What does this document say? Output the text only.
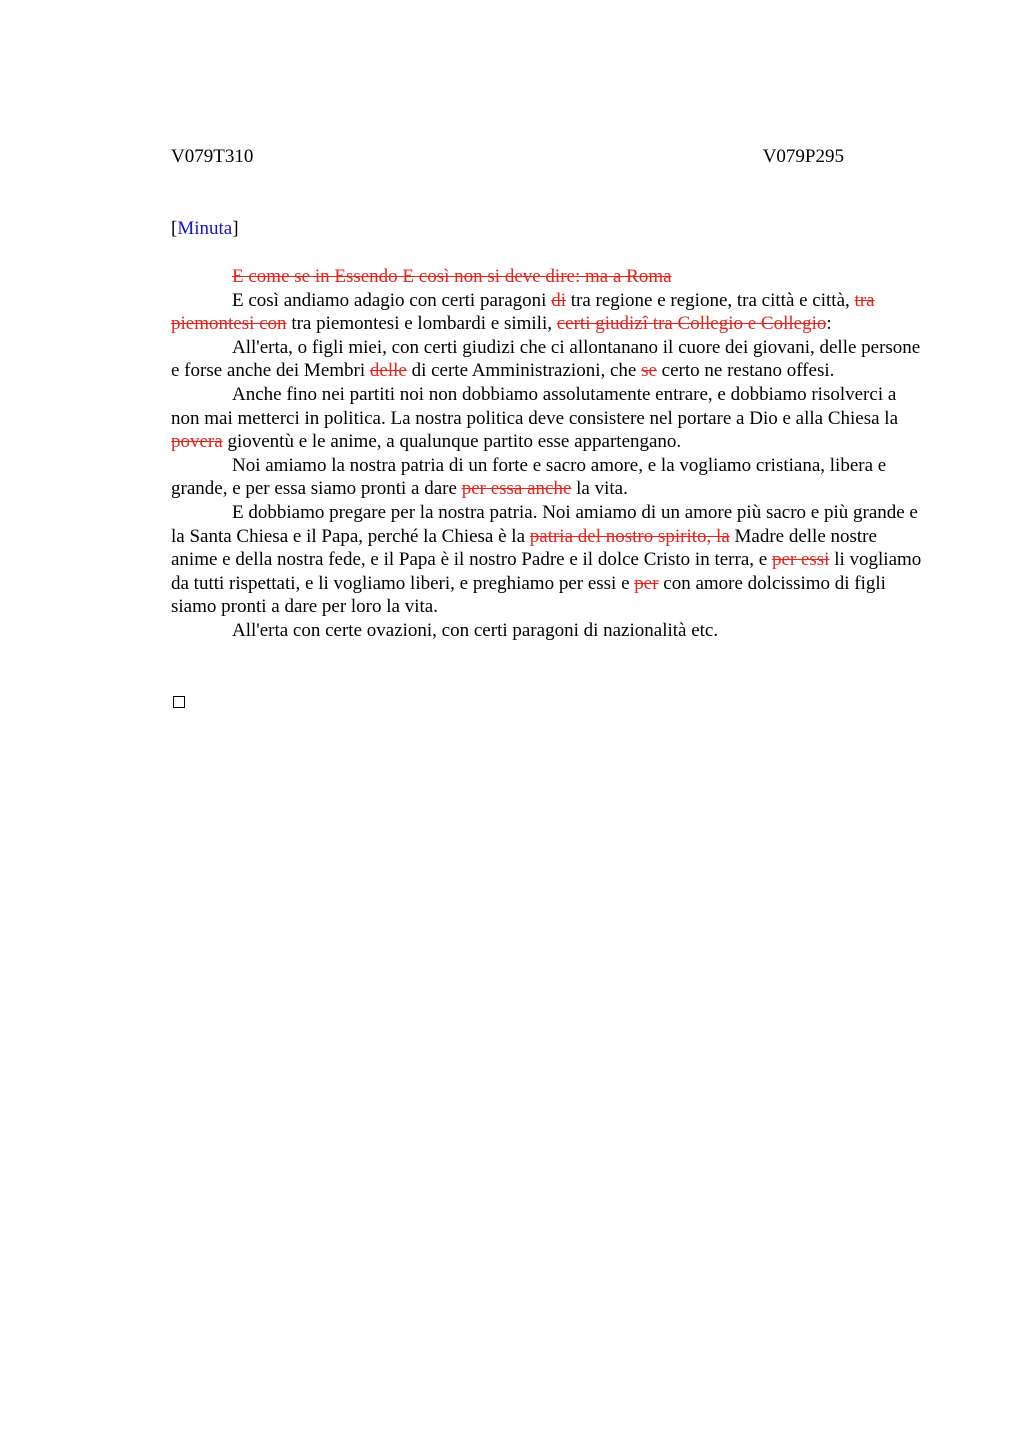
V079T310	V079P295
[Minuta]

E come se in Essendo E così non si deve dire: ma a Roma

E così andiamo adagio con certi paragoni di tra regione e regione, tra città e città, tra piemontesi con tra piemontesi e lombardi e simili, certi giudizî tra Collegio e Collegio:

All'erta, o figli miei, con certi giudizi che ci allontanano il cuore dei giovani, delle persone e forse anche dei Membri delle di certe Amministrazioni, che se certo ne restano offesi.

Anche fino nei partiti noi non dobbiamo assolutamente entrare, e dobbiamo risolverci a non mai metterci in politica. La nostra politica deve consistere nel portare a Dio e alla Chiesa la povera gioventù e le anime, a qualunque partito esse appartengano.

Noi amiamo la nostra patria di un forte e sacro amore, e la vogliamo cristiana, libera e grande, e per essa siamo pronti a dare per essa anche la vita.

E dobbiamo pregare per la nostra patria. Noi amiamo di un amore più sacro e più grande e la Santa Chiesa e il Papa, perché la Chiesa è la patria del nostro spirito, la Madre delle nostre anime e della nostra fede, e il Papa è il nostro Padre e il dolce Cristo in terra, e per essi li vogliamo da tutti rispettati, e li vogliamo liberi, e preghiamo per essi e per con amore dolcissimo di figli siamo pronti a dare per loro la vita.

All'erta con certe ovazioni, con certi paragoni di nazionalità etc.
